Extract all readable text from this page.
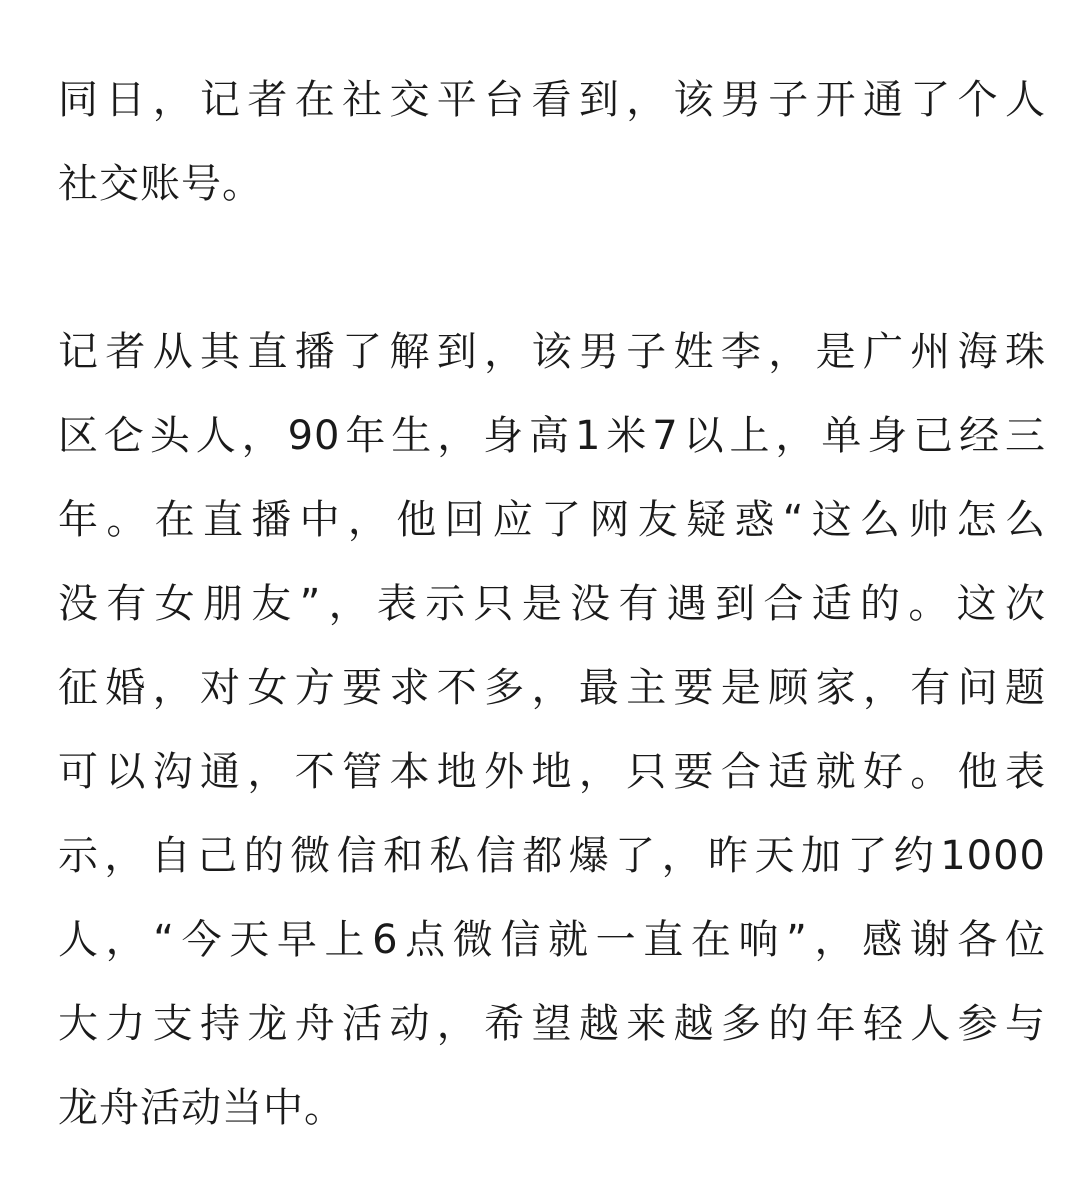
同日，记者在社交平台看到，该男子开通了个人
社交账号。

记者从其直播了解到，该男子姓李，是广州海珠
区仑头人，90年生，身高1米7以上，单身已经三
年。在直播中，他回应了网友疑惑“这么帅怎么
没有女朋友”，表示只是没有遇到合适的。这次
征婚，对女方要求不多，最主要是顾家，有问题
可以沟通，不管本地外地，只要合适就好。他表
示，自己的微信和私信都爆了，昨天加了约1000
人，“今天早上6点微信就一直在响”，感谢各位
大力支持龙舟活动，希望越来越多的年轻人参与
龙舟活动当中。
